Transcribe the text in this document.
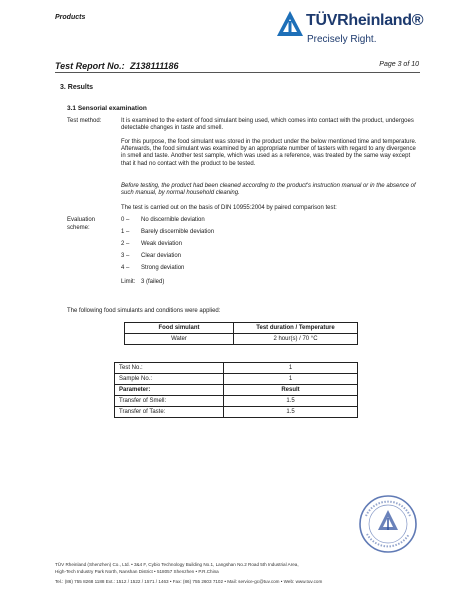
Products	TÜVRheinland®
Precisely Right.
Test Report No.: Z138111186	Page 3 of 10
3. Results
3.1 Sensorial examination
Test method:	It is examined to the extent of food simulant being used, which comes into contact with the product, undergoes detectable changes in taste and smell.
For this purpose, the food simulant was stored in the product under the below mentioned time and temperature. Afterwards, the food simulant was examined by an appropriate number of tasters with regard to any divergence in smell and taste. Another test sample, which was used as a reference, was treated by the same way except that it had no contact with the product to be tested.
Before testing, the product had been cleaned according to the product's instruction manual or in the absence of such manual, by normal household cleaning.
The test is carried out on the basis of DIN 10955:2004 by paired comparison test:
Evaluation
scheme:
0 – No discernible deviation
1 – Barely discernible deviation
2 – Weak deviation
3 – Clear deviation
4 – Strong deviation
Limit: 3 (failed)
The following food simulants and conditions were applied:
Food simulant	Test duration / Temperature
Water	2 hour(s) / 70 °C
Test No.:	1
Sample No.:	1
Parameter:	Result
Transfer of Smell:	1.5
Transfer of Taste:	1.5
TÜV Rheinland (Shenzhen) Co., Ltd. • 3&4 F, Cybio Technology Building No.1, Langshan No.2 Road 5th Industrial Area,
High-Tech Industry Park North, Nanshan District • 518057 Shenzhen • P.R.China
Tel.: (86) 755 8268 1188 Ext.: 1512 / 1522 / 1571 / 1463 • Fax: (86) 755 2603 7102 • Mail: service-gc@tuv.com • Web: www.tuv.com
